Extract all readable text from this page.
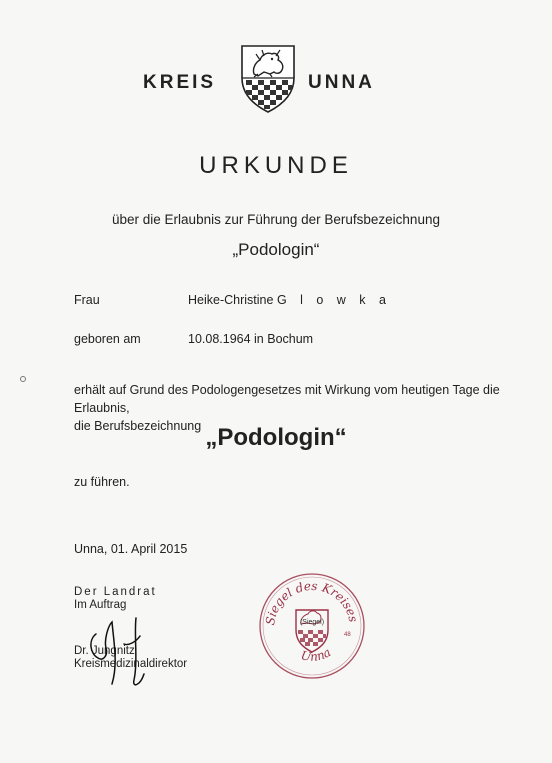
KREIS	UNNA
URKUNDE
über die Erlaubnis zur Führung der Berufsbezeichnung
„Podologin“
Frau	Heike-Christine G l o w k a
geboren am	10.08.1964 in Bochum
erhält auf Grund des Podologengesetzes mit Wirkung vom heutigen Tage die Erlaubnis,
die Berufsbezeichnung „Podologin“
zu führen.
Unna, 01. April 2015
Der Landrat
Im Auftrag
Dr. Jungnitz
Kreismedizinaldirektor
Siegel des Kreises
Unna
(Siegel)
48
